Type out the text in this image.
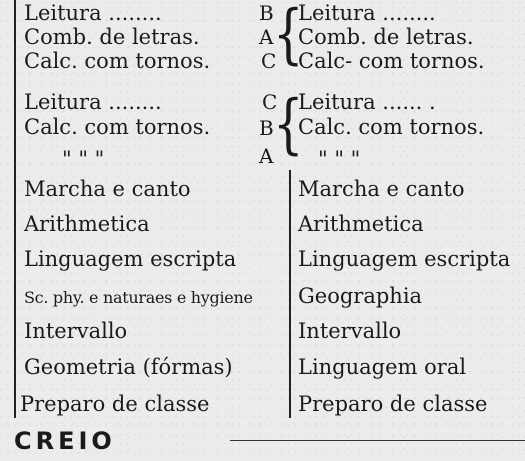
Leitura ........
Comb. de letras.
Calc. com tornos.
Leitura ........
Calc. com tornos.
" " "
Marcha e canto
Arithmetica
Linguagem escripta
Sc. phy. e naturaes e hygiene
Intervallo
Geometria (fórmas)
Preparo de classe
B
A
C
{
C
B
A {
Leitura ........
Comb. de letras.
Calc- com tornos.
Leitura ...... .
Calc. com tornos.
" " "
Marcha e canto
Arithmetica
Linguagem escripta
Geographia
Intervallo
Linguagem oral
Preparo de classe
CREIO
